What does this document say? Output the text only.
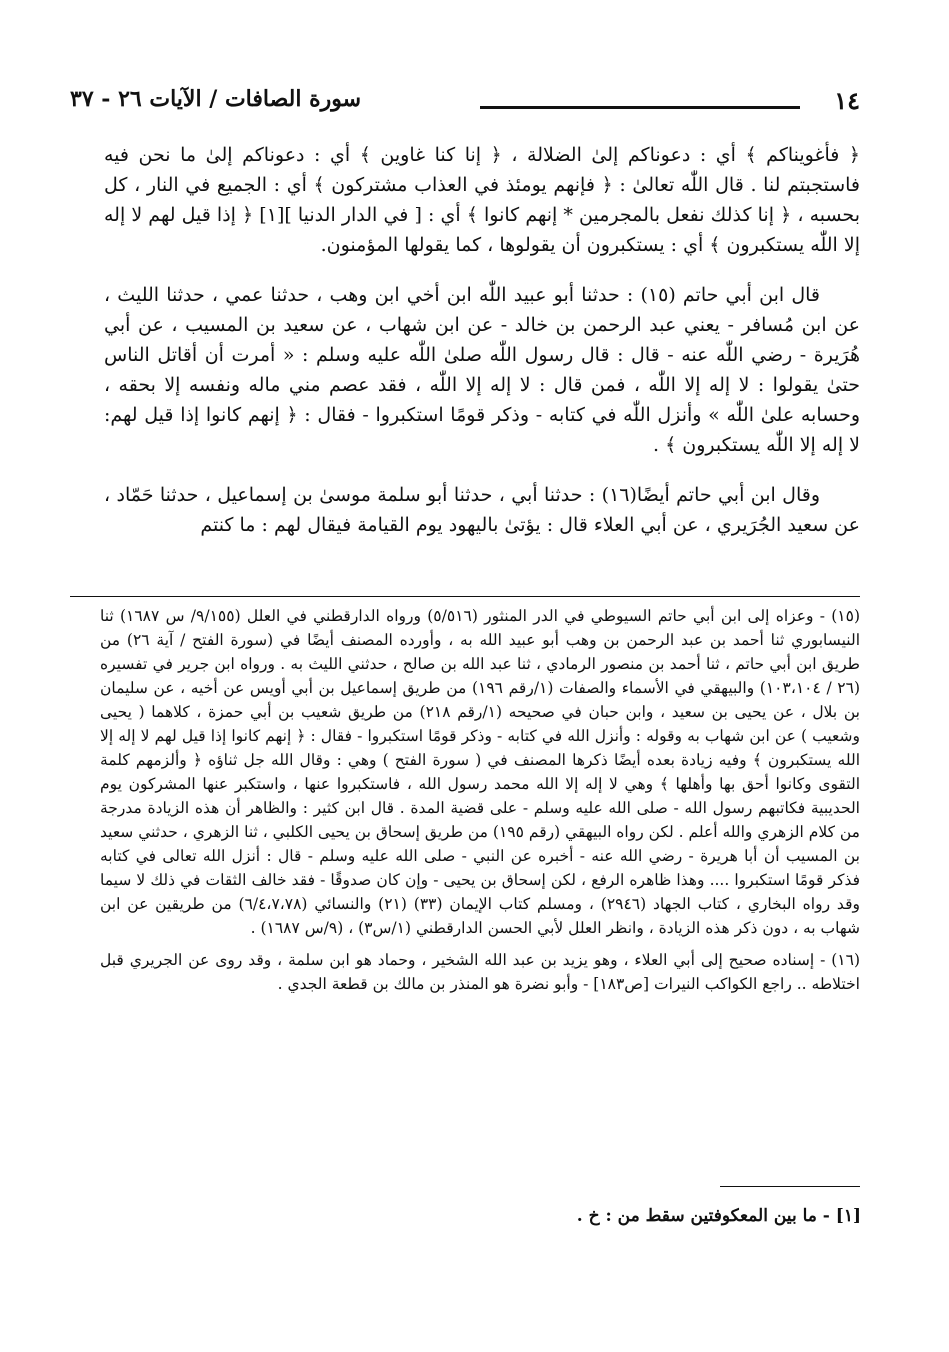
١٤
سورة الصافات / الآيات ٢٦ - ٣٧

﴿ فأغويناكم ﴾ أي : دعوناكم إلىٰ الضلالة ، ﴿ إنا كنا غاوين ﴾ أي : دعوناكم إلىٰ ما نحن فيه فاستجبتم لنا . قال اللّٰه تعالىٰ : ﴿ فإنهم يومئذ في العذاب مشتركون ﴾ أي : الجميع في النار ، كل بحسبه ، ﴿ إنا كذلك نفعل بالمجرمين * إنهم كانوا ﴾ أي : [ في الدار الدنيا ][١] ﴿ إذا قيل لهم لا إله إلا اللّٰه يستكبرون ﴾ أي : يستكبرون أن يقولوها ، كما يقولها المؤمنون.

قال ابن أبي حاتم (١٥) : حدثنا أبو عبيد اللّٰه ابن أخي ابن وهب ، حدثنا عمي ، حدثنا الليث ، عن ابن مُسافر - يعني عبد الرحمن بن خالد - عن ابن شهاب ، عن سعيد بن المسيب ، عن أبي هُرَيرة - رضي اللّٰه عنه - قال : قال رسول اللّٰه صلىٰ اللّٰه عليه وسلم : « أمرت أن أقاتل الناس حتىٰ يقولوا : لا إله إلا اللّٰه ، فمن قال : لا إله إلا اللّٰه ، فقد عصم مني ماله ونفسه إلا بحقه ، وحسابه علىٰ اللّٰه » وأنزل اللّٰه في كتابه - وذكر قومًا استكبروا - فقال : ﴿ إنهم كانوا إذا قيل لهم: لا إله إلا اللّٰه يستكبرون ﴾ .

وقال ابن أبي حاتم أيضًا(١٦) : حدثنا أبي ، حدثنا أبو سلمة موسىٰ بن إسماعيل ، حدثنا حَمّاد ، عن سعيد الجُرَيري ، عن أبي العلاء قال : يؤتىٰ باليهود يوم القيامة فيقال لهم : ما كنتم

(١٥) - وعزاه إلى ابن أبي حاتم السيوطي في الدر المنثور (٥/٥١٦) ورواه الدارقطني في العلل (٩/١٥٥/ س ١٦٨٧) ثنا النيسابوري ثنا أحمد بن عبد الرحمن بن وهب أبو عبيد الله به ، وأورده المصنف أيضًا في (سورة الفتح / آية ٢٦) من طريق ابن أبي حاتم ، ثنا أحمد بن منصور الرمادي ، ثنا عبد الله بن صالح ، حدثني الليث به . ورواه ابن جرير في تفسيره (٢٦ / ١٠٣،١٠٤) والبيهقي في الأسماء والصفات (١/رقم ١٩٦) من طريق إسماعيل بن أبي أويس عن أخيه ، عن سليمان بن بلال ، عن يحيى بن سعيد ، وابن حبان في صحيحه (١/رقم ٢١٨) من طريق شعيب بن أبي حمزة ، كلاهما ( يحيى وشعيب ) عن ابن شهاب به وقوله : وأنزل الله في كتابه - وذكر قومًا استكبروا - فقال : ﴿ إنهم كانوا إذا قيل لهم لا إله إلا الله يستكبرون ﴾ وفيه زيادة بعده أيضًا ذكرها المصنف في ( سورة الفتح ) وهي : وقال الله جل ثناؤه ﴿ وألزمهم كلمة التقوى وكانوا أحق بها وأهلها ﴾ وهي لا إله إلا الله محمد رسول الله ، فاستكبروا عنها ، واستكبر عنها المشركون يوم الحديبية فكاتبهم رسول الله - صلى الله عليه وسلم - على قضية المدة . قال ابن كثير : والظاهر أن هذه الزيادة مدرجة من كلام الزهري والله أعلم . لكن رواه البيهقي (رقم ١٩٥) من طريق إسحاق بن يحيى الكلبي ، ثنا الزهري ، حدثني سعيد بن المسيب أن أبا هريرة - رضي الله عنه - أخبره عن النبي - صلى الله عليه وسلم - قال : أنزل الله تعالى في كتابه فذكر قومًا استكبروا .... وهذا ظاهره الرفع ، لكن إسحاق بن يحيى - وإن كان صدوقًا - فقد خالف الثقات في ذلك لا سيما وقد رواه البخاري ، كتاب الجهاد (٢٩٤٦) ، ومسلم كتاب الإيمان (٣٣) (٢١) والنسائي (٦/٤،٧،٧٨) من طريقين عن ابن شهاب به ، دون ذكر هذه الزيادة ، وانظر العلل لأبي الحسن الدارقطني (١/س٣) ، (٩/س ١٦٨٧) .

(١٦) - إسناده صحيح إلى أبي العلاء ، وهو يزيد بن عبد الله الشخير ، وحماد هو ابن سلمة ، وقد روى عن الجريري قبل اختلاطه .. راجع الكواكب النيرات [ص١٨٣] - وأبو نضرة هو المنذر بن مالك بن قطعة الجدي .

[١] - ما بين المعكوفتين سقط من : خ .
